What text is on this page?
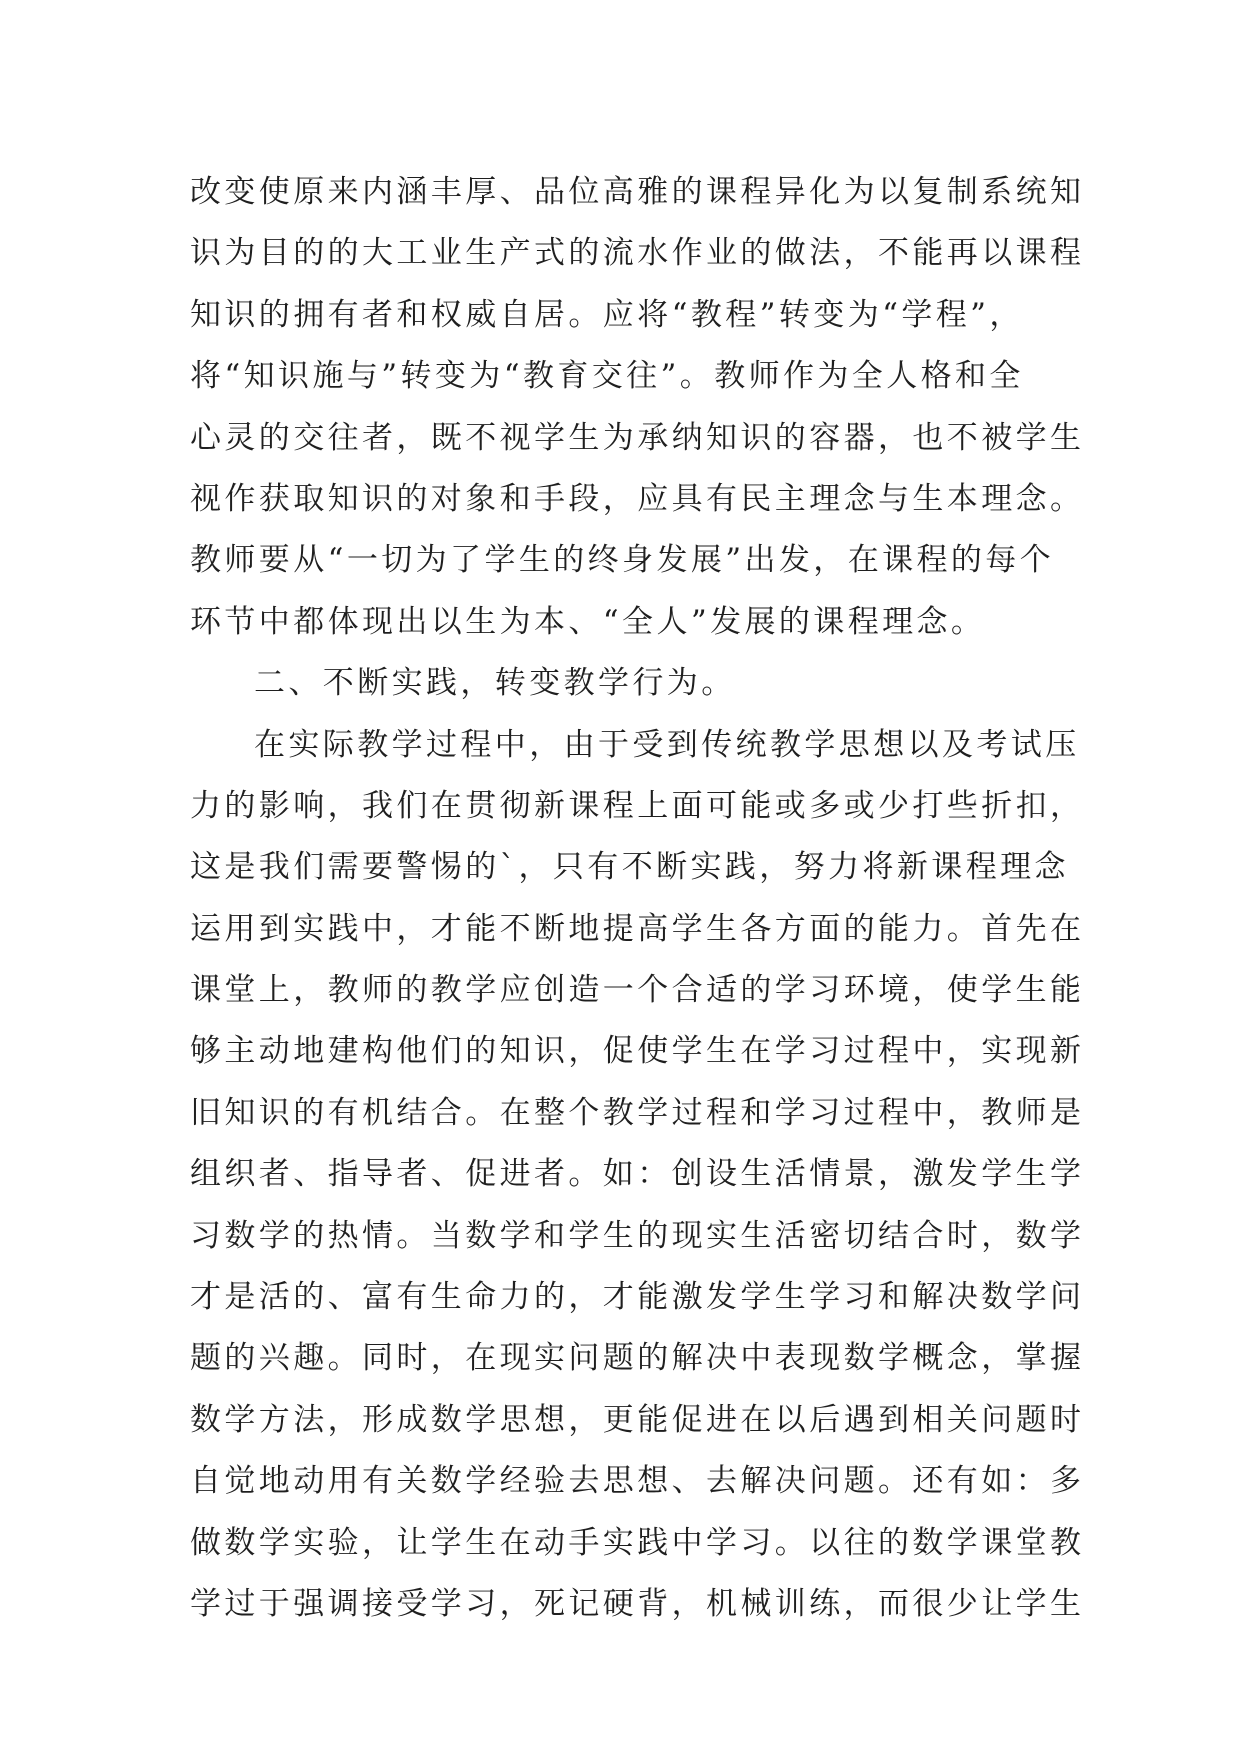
改变使原来内涵丰厚、品位高雅的课程异化为以复制系统知
识为目的的大工业生产式的流水作业的做法，不能再以课程
知识的拥有者和权威自居。应将“教程”转变为“学程”，
将“知识施与”转变为“教育交往”。教师作为全人格和全
心灵的交往者，既不视学生为承纳知识的容器，也不被学生
视作获取知识的对象和手段，应具有民主理念与生本理念。
教师要从“一切为了学生的终身发展”出发，在课程的每个
环节中都体现出以生为本、“全人”发展的课程理念。
二、不断实践，转变教学行为。
在实际教学过程中，由于受到传统教学思想以及考试压
力的影响，我们在贯彻新课程上面可能或多或少打些折扣，
这是我们需要警惕的`，只有不断实践，努力将新课程理念
运用到实践中，才能不断地提高学生各方面的能力。首先在
课堂上，教师的教学应创造一个合适的学习环境，使学生能
够主动地建构他们的知识，促使学生在学习过程中，实现新
旧知识的有机结合。在整个教学过程和学习过程中，教师是
组织者、指导者、促进者。如：创设生活情景，激发学生学
习数学的热情。当数学和学生的现实生活密切结合时，数学
才是活的、富有生命力的，才能激发学生学习和解决数学问
题的兴趣。同时，在现实问题的解决中表现数学概念，掌握
数学方法，形成数学思想，更能促进在以后遇到相关问题时
自觉地动用有关数学经验去思想、去解决问题。还有如：多
做数学实验，让学生在动手实践中学习。以往的数学课堂教
学过于强调接受学习，死记硬背，机械训练，而很少让学生
